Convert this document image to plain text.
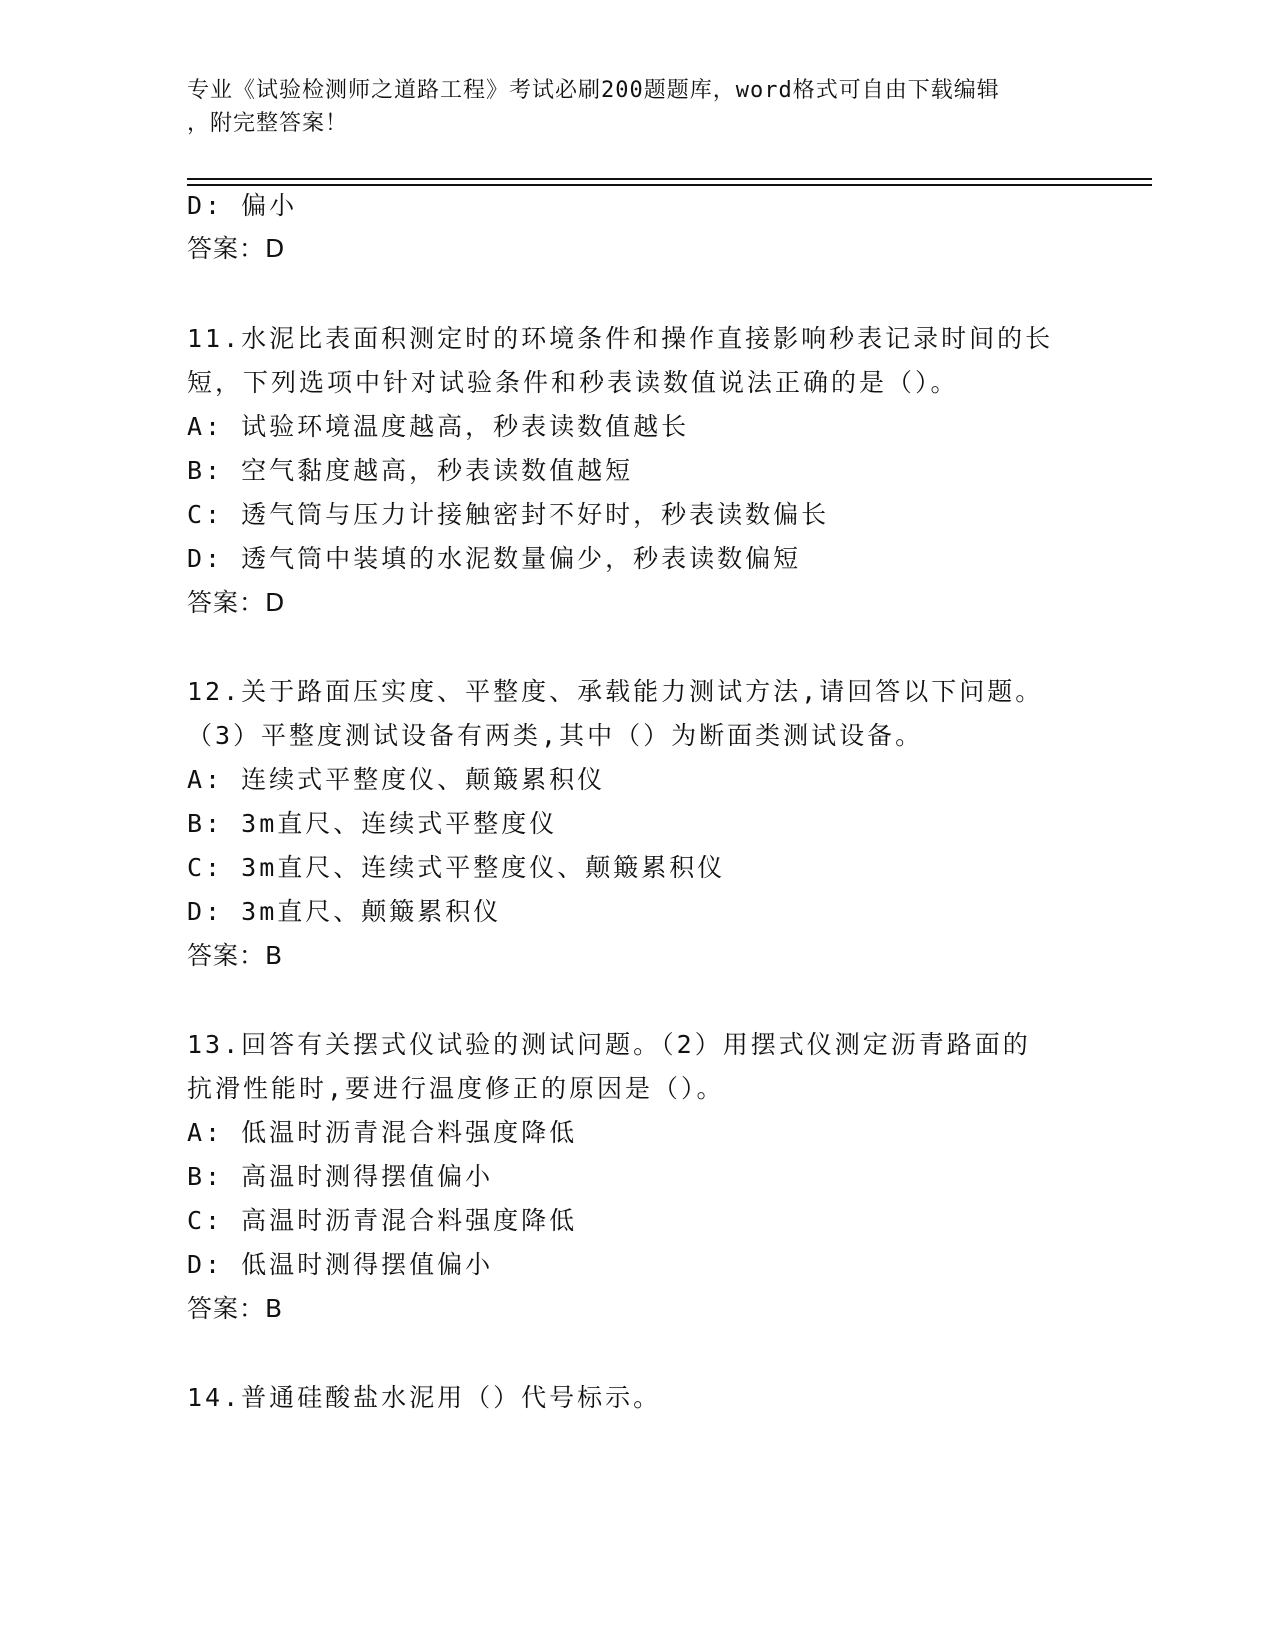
专业《试验检测师之道路工程》考试必刷200题题库，word格式可自由下载编辑
，附完整答案！
D: 偏小
答案：D
11.水泥比表面积测定时的环境条件和操作直接影响秒表记录时间的长
短，下列选项中针对试验条件和秒表读数值说法正确的是（）。
A: 试验环境温度越高，秒表读数值越长
B: 空气黏度越高，秒表读数值越短
C: 透气筒与压力计接触密封不好时，秒表读数偏长
D: 透气筒中装填的水泥数量偏少，秒表读数偏短
答案：D
12.关于路面压实度、平整度、承载能力测试方法,请回答以下问题。
（3）平整度测试设备有两类,其中（）为断面类测试设备。
A: 连续式平整度仪、颠簸累积仪
B: 3m直尺、连续式平整度仪
C: 3m直尺、连续式平整度仪、颠簸累积仪
D: 3m直尺、颠簸累积仪
答案：B
13.回答有关摆式仪试验的测试问题。（2）用摆式仪测定沥青路面的
抗滑性能时,要进行温度修正的原因是（）。
A: 低温时沥青混合料强度降低
B: 高温时测得摆值偏小
C: 高温时沥青混合料强度降低
D: 低温时测得摆值偏小
答案：B
14.普通硅酸盐水泥用（）代号标示。
